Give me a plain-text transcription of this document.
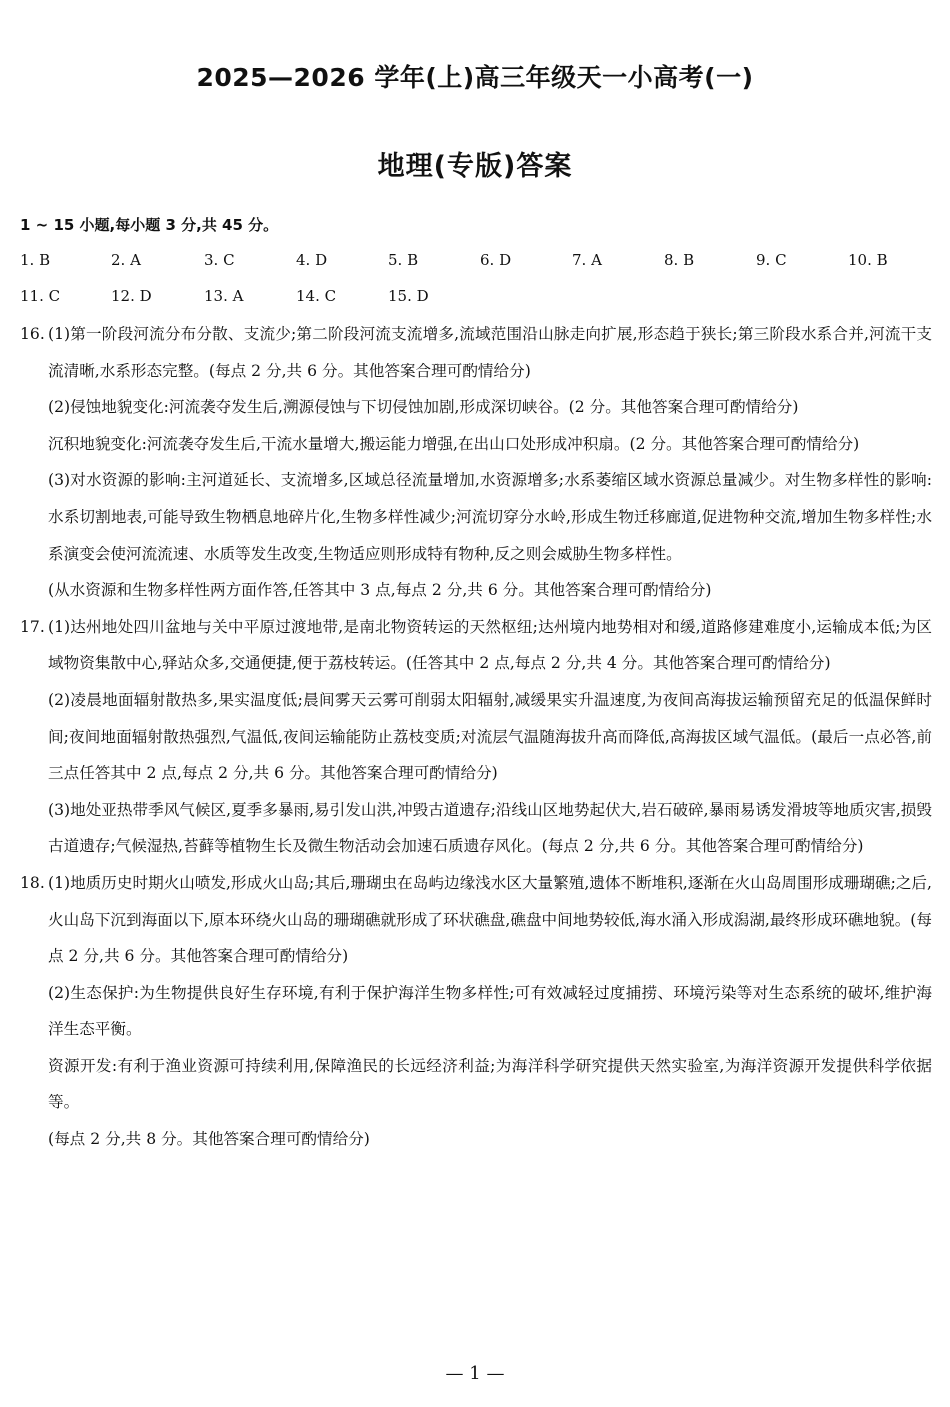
2025—2026 学年(上)高三年级天一小高考(一)
地理(专版)答案
1 ~ 15 小题,每小题 3 分,共 45 分。
1. B	2. A	3. C	4. D	5. B	6. D	7. A	8. B	9. C	10. B
11. C	12. D	13. A	14. C	15. D
16. (1)第一阶段河流分布分散、支流少;第二阶段河流支流增多,流域范围沿山脉走向扩展,形态趋于狭长;第三阶段水系合并,河流干支流清晰,水系形态完整。(每点 2 分,共 6 分。其他答案合理可酌情给分)

(2)侵蚀地貌变化:河流袭夺发生后,溯源侵蚀与下切侵蚀加剧,形成深切峡谷。(2 分。其他答案合理可酌情给分)

沉积地貌变化:河流袭夺发生后,干流水量增大,搬运能力增强,在出山口处形成冲积扇。(2 分。其他答案合理可酌情给分)

(3)对水资源的影响:主河道延长、支流增多,区域总径流量增加,水资源增多;水系萎缩区域水资源总量减少。对生物多样性的影响:水系切割地表,可能导致生物栖息地碎片化,生物多样性减少;河流切穿分水岭,形成生物迁移廊道,促进物种交流,增加生物多样性;水系演变会使河流流速、水质等发生改变,生物适应则形成特有物种,反之则会威胁生物多样性。

(从水资源和生物多样性两方面作答,任答其中 3 点,每点 2 分,共 6 分。其他答案合理可酌情给分)

17. (1)达州地处四川盆地与关中平原过渡地带,是南北物资转运的天然枢纽;达州境内地势相对和缓,道路修建难度小,运输成本低;为区域物资集散中心,驿站众多,交通便捷,便于荔枝转运。(任答其中 2 点,每点 2 分,共 4 分。其他答案合理可酌情给分)

(2)凌晨地面辐射散热多,果实温度低;晨间雾天云雾可削弱太阳辐射,减缓果实升温速度,为夜间高海拔运输预留充足的低温保鲜时间;夜间地面辐射散热强烈,气温低,夜间运输能防止荔枝变质;对流层气温随海拔升高而降低,高海拔区域气温低。(最后一点必答,前三点任答其中 2 点,每点 2 分,共 6 分。其他答案合理可酌情给分)

(3)地处亚热带季风气候区,夏季多暴雨,易引发山洪,冲毁古道遗存;沿线山区地势起伏大,岩石破碎,暴雨易诱发滑坡等地质灾害,损毁古道遗存;气候湿热,苔藓等植物生长及微生物活动会加速石质遗存风化。(每点 2 分,共 6 分。其他答案合理可酌情给分)

18. (1)地质历史时期火山喷发,形成火山岛;其后,珊瑚虫在岛屿边缘浅水区大量繁殖,遗体不断堆积,逐渐在火山岛周围形成珊瑚礁;之后,火山岛下沉到海面以下,原本环绕火山岛的珊瑚礁就形成了环状礁盘,礁盘中间地势较低,海水涌入形成潟湖,最终形成环礁地貌。(每点 2 分,共 6 分。其他答案合理可酌情给分)

(2)生态保护:为生物提供良好生存环境,有利于保护海洋生物多样性;可有效减轻过度捕捞、环境污染等对生态系统的破坏,维护海洋生态平衡。

资源开发:有利于渔业资源可持续利用,保障渔民的长远经济利益;为海洋科学研究提供天然实验室,为海洋资源开发提供科学依据等。

(每点 2 分,共 8 分。其他答案合理可酌情给分)

— 1 —
